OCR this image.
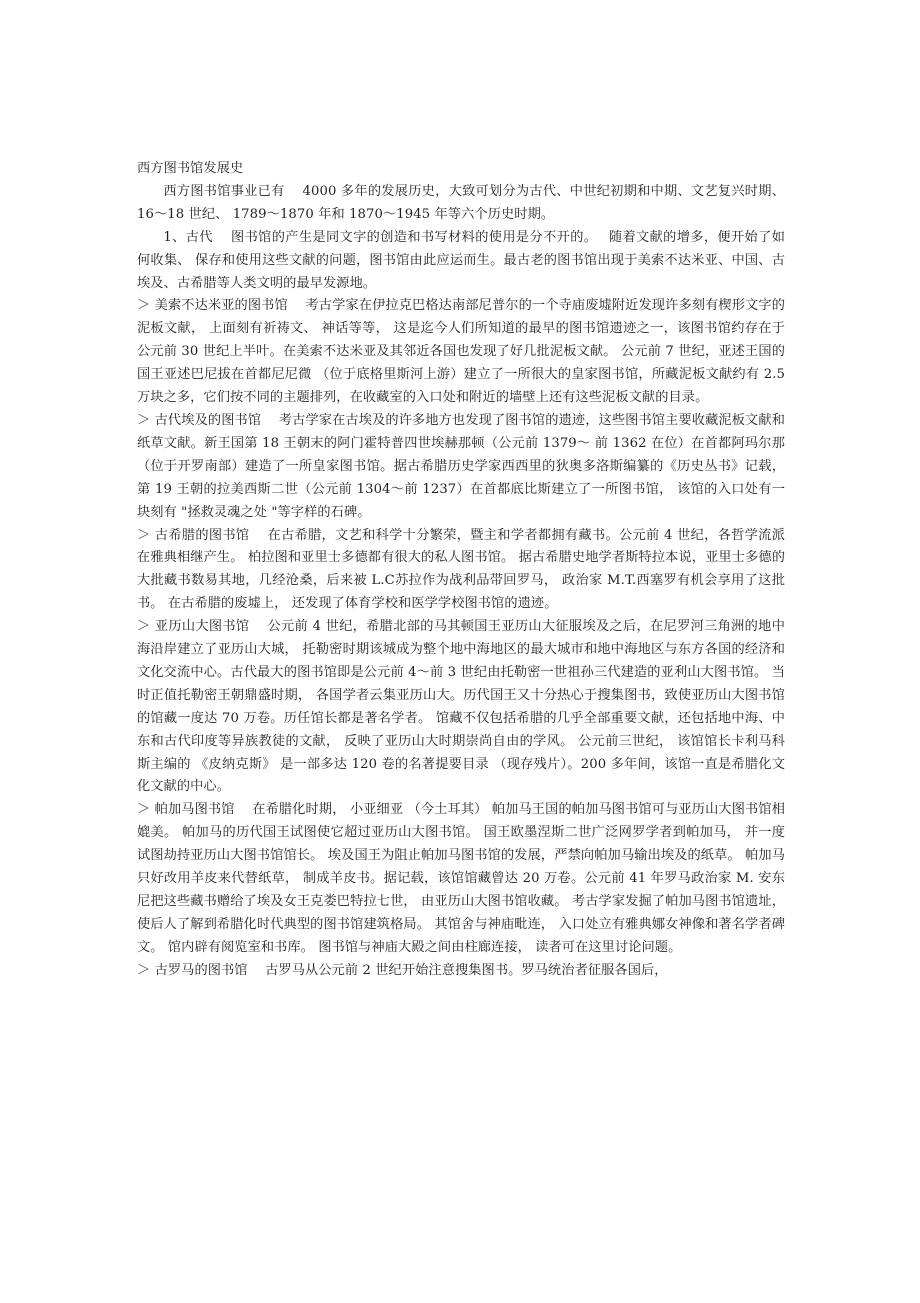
西方图书馆发展史

西方图书馆事业已有　 4000 多年的发展历史，大致可划分为古代、中世纪初期和中期、文艺复兴时期、 16～18 世纪、 1789～1870 年和 1870～1945 年等六个历史时期。

1、古代　 图书馆的产生是同文字的创造和书写材料的使用是分不开的。　 随着文献的增多，便开始了如何收集、 保存和使用这些文献的问题，图书馆由此应运而生。最古老的图书馆出现于美索不达米亚、中国、古埃及、古希腊等人类文明的最早发源地。

＞ 美索不达米亚的图书馆　 考古学家在伊拉克巴格达南部尼普尔的一个寺庙废墟附近发现许多刻有楔形文字的泥板文献， 上面刻有祈祷文、 神话等等， 这是迄今人们所知道的最早的图书馆遗迹之一，该图书馆约存在于公元前 30 世纪上半叶。在美索不达米亚及其邻近各国也发现了好几批泥板文献。 公元前 7 世纪，亚述王国的国王亚述巴尼拔在首都尼尼微 （位于底格里斯河上游）建立了一所很大的皇家图书馆，所藏泥板文献约有 2.5 万块之多，它们按不同的主题排列，在收藏室的入口处和附近的墙壁上还有这些泥板文献的目录。

＞ 古代埃及的图书馆　 考古学家在古埃及的许多地方也发现了图书馆的遗迹，这些图书馆主要收藏泥板文献和纸草文献。新王国第 18 王朝末的阿门霍特普四世埃赫那顿（公元前 1379～ 前 1362 在位）在首都阿玛尔那（位于开罗南部）建造了一所皇家图书馆。据古希腊历史学家西西里的狄奥多洛斯编纂的《历史丛书》记载，第 19 王朝的拉美西斯二世（公元前 1304～前 1237）在首都底比斯建立了一所图书馆， 该馆的入口处有一块刻有 "拯救灵魂之处 "等字样的石碑。

＞ 古希腊的图书馆　 在古希腊，文艺和科学十分繁荣，暨主和学者都拥有藏书。公元前 4 世纪，各哲学流派在雅典相继产生。 柏拉图和亚里士多德都有很大的私人图书馆。 据古希腊史地学者斯特拉本说，亚里士多德的大批藏书数易其地，几经沧桑，后来被 L.C苏拉作为战利品带回罗马， 政治家 M.T.西塞罗有机会享用了这批书。 在古希腊的废墟上， 还发现了体育学校和医学学校图书馆的遗迹。

＞ 亚历山大图书馆　 公元前 4 世纪，希腊北部的马其顿国王亚历山大征服埃及之后，在尼罗河三角洲的地中海沿岸建立了亚历山大城， 托勒密时期该城成为整个地中海地区的最大城市和地中海地区与东方各国的经济和文化交流中心。古代最大的图书馆即是公元前 4～前 3 世纪由托勒密一世祖孙三代建造的亚利山大图书馆。 当时正值托勒密王朝鼎盛时期， 各国学者云集亚历山大。历代国王又十分热心于搜集图书，致使亚历山大图书馆的馆藏一度达 70 万卷。历任馆长都是著名学者。 馆藏不仅包括希腊的几乎全部重要文献，还包括地中海、中东和古代印度等异族教徒的文献， 反映了亚历山大时期崇尚自由的学风。 公元前三世纪， 该馆馆长卡利马科斯主编的 《皮纳克斯》 是一部多达 120 卷的名著提要目录 （现存残片）。200 多年间，该馆一直是希腊化文化文献的中心。

＞ 帕加马图书馆　 在希腊化时期， 小亚细亚 （今土耳其） 帕加马王国的帕加马图书馆可与亚历山大图书馆相媲美。 帕加马的历代国王试图使它超过亚历山大图书馆。 国王欧墨涅斯二世广泛网罗学者到帕加马， 并一度试图劫持亚历山大图书馆馆长。 埃及国王为阻止帕加马图书馆的发展，严禁向帕加马输出埃及的纸草。 帕加马只好改用羊皮来代替纸草， 制成羊皮书。据记载，该馆馆藏曾达 20 万卷。公元前 41 年罗马政治家 M. 安东尼把这些藏书赠给了埃及女王克娄巴特拉七世， 由亚历山大图书馆收藏。 考古学家发掘了帕加马图书馆遗址， 使后人了解到希腊化时代典型的图书馆建筑格局。 其馆舍与神庙毗连， 入口处立有雅典娜女神像和著名学者碑文。 馆内辟有阅览室和书库。 图书馆与神庙大殿之间由柱廊连接， 读者可在这里讨论问题。

＞ 古罗马的图书馆　 古罗马从公元前 2 世纪开始注意搜集图书。罗马统治者征服各国后，
